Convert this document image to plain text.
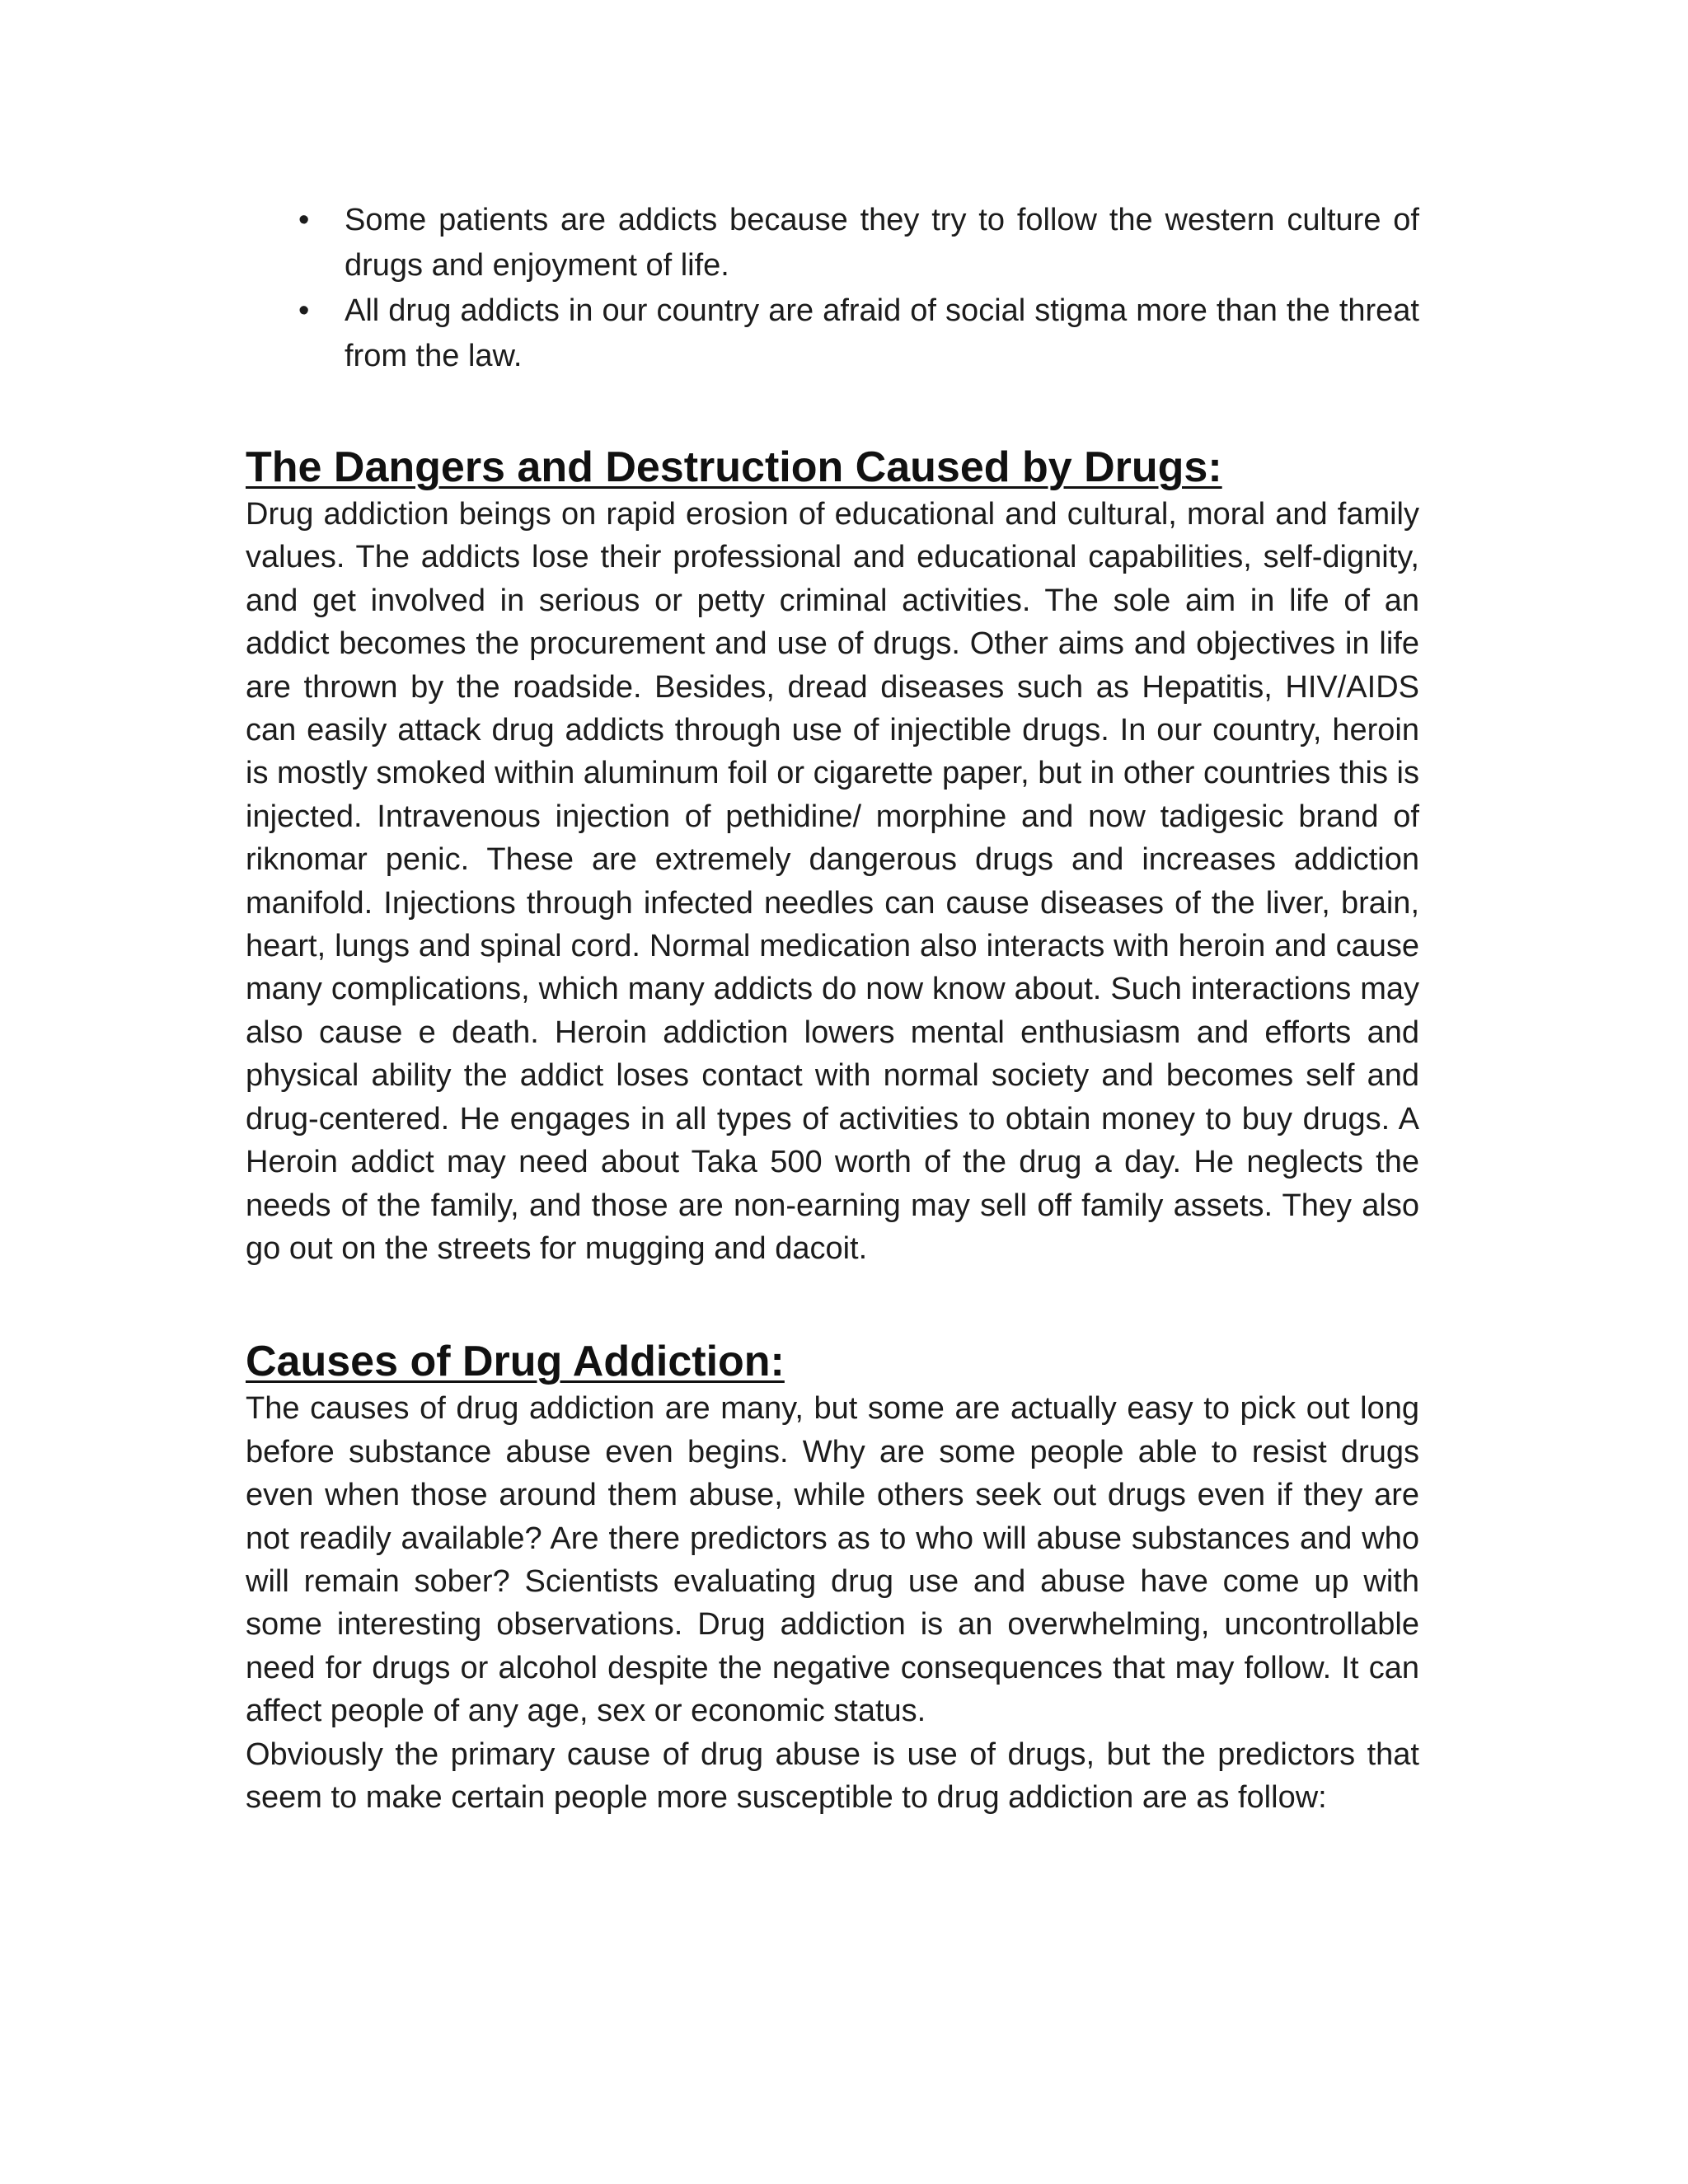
• Some patients are addicts because they try to follow the western culture of drugs and enjoyment of life.
• All drug addicts in our country are afraid of social stigma more than the threat from the law.
The Dangers and Destruction Caused by Drugs:

Drug addiction beings on rapid erosion of educational and cultural, moral and family values. The addicts lose their professional and educational capabilities, self-dignity, and get involved in serious or petty criminal activities. The sole aim in life of an addict becomes the procurement and use of drugs. Other aims and objectives in life are thrown by the roadside. Besides, dread diseases such as Hepatitis, HIV/AIDS can easily attack drug addicts through use of injectible drugs. In our country, heroin is mostly smoked within aluminum foil or cigarette paper, but in other countries this is injected. Intravenous injection of pethidine/ morphine and now tadigesic brand of riknomar penic. These are extremely dangerous drugs and increases addiction manifold. Injections through infected needles can cause diseases of the liver, brain, heart, lungs and spinal cord. Normal medication also interacts with heroin and cause many complications, which many addicts do now know about. Such interactions may also cause e death. Heroin addiction lowers mental enthusiasm and efforts and physical ability the addict loses contact with normal society and becomes self and drug-centered. He engages in all types of activities to obtain money to buy drugs. A Heroin addict may need about Taka 500 worth of the drug a day. He neglects the needs of the family, and those are non-earning may sell off family assets. They also go out on the streets for mugging and dacoit.

Causes of Drug Addiction:

The causes of drug addiction are many, but some are actually easy to pick out long before substance abuse even begins. Why are some people able to resist drugs even when those around them abuse, while others seek out drugs even if they are not readily available? Are there predictors as to who will abuse substances and who will remain sober? Scientists evaluating drug use and abuse have come up with some interesting observations. Drug addiction is an overwhelming, uncontrollable need for drugs or alcohol despite the negative consequences that may follow. It can affect people of any age, sex or economic status.

Obviously the primary cause of drug abuse is use of drugs, but the predictors that seem to make certain people more susceptible to drug addiction are as follow:
